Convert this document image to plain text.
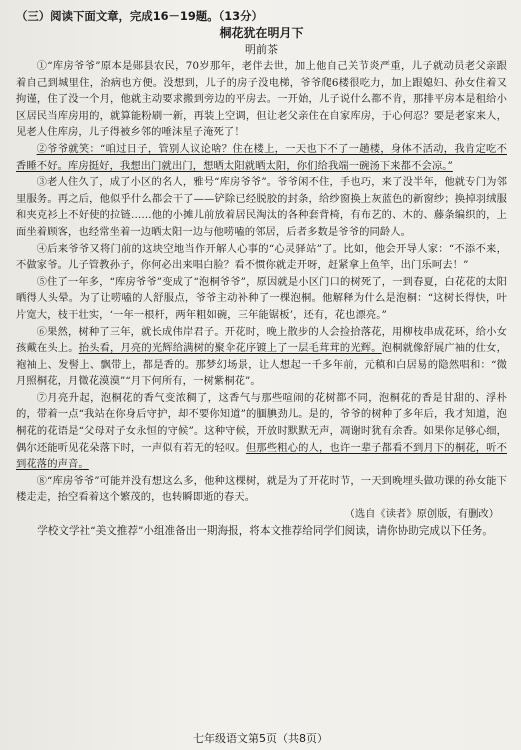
（三）阅读下面文章，完成16－19题。（13分）
桐花犹在明月下
明前茶

①“库房爷爷”原本是郧县农民，70岁那年，老伴去世，加上他自己关节炎严重，儿子就动员老父亲跟着自己到城里住，治病也方便。没想到，儿子的房子没电梯，爷爷爬6楼很吃力，加上跟媳妇、孙女住着又拘谨，住了没一个月，他就主动要求搬到旁边的平房去。一开始，儿子说什么都不肯，那排平房本是租给小区居民当库房用的，就算能粉刷一新，再装上空调，但让老父亲住在自家库房，于心何忍？要是老家来人，见老人住库房，儿子得被乡邻的唾沫星子淹死了！

②爷爷就笑：“咱过日子，管别人议论啥？住在楼上，一天也下不了一趟楼，身体不活动，我肯定吃不香睡不好。库房挺好，我想出门就出门，想晒太阳就晒太阳，你们给我端一碗汤下来都不会凉。”

③老人住久了，成了小区的名人，雅号“库房爷爷”。爷爷闲不住，手也巧，来了没半年，他就专门为邻里服务。再之后，他似乎什么都会干了——铲除已经脱胶的封条，给纱窗换上灰蓝色的新窗纱；换掉羽绒服和夹克衫上不好使的拉链……他的小摊儿前放着居民淘汰的各种套背椅，有布艺的、木的、藤条编织的，上面坐着顾客，也经常坐着一边晒太阳一边与他唠嗑的邻居，后者多数是爷爷的同龄人。

④后来爷爷又将门前的这块空地当作开解人心事的“心灵驿站”了。比如，他会开导人家：“不添不来，不做家爷。儿子管教孙子，你何必出来唱白脸？看不惯你就走开呀，赶紧拿上鱼竿，出门乐呵去！”

⑤住了一年多，“库房爷爷”变成了“泡桐爷爷”，原因就是小区门口的树死了，一到春夏，白花花的太阳晒得人头晕。为了让唠嗑的人舒服点，爷爷主动补种了一棵泡桐。他解释为什么是泡桐：“这树长得快，叶片宽大，枝干壮实，‘一年一根杆，两年粗如碗，三年能锯板’，还有，花也漂亮。”

⑥果然，树种了三年，就长成伟岸君子。开花时，晚上散步的人会捡拾落花，用柳枝串成花环，给小女孩戴在头上。抬头看，月亮的光辉给满树的聚伞花序镀上了一层毛茸茸的光辉。泡桐就像舒展广袖的仕女，袍袖上、发髻上、飘带上，都是香的。那梦幻场景，让人想起一千多年前，元稹和白居易的隐然唱和：“微月照桐花，月微花漠漠”“月下何所有，一树紫桐花”。

⑦月亮升起，泡桐花的香气变浓稠了，这香气与那些喧闹的花树都不同，泡桐花的香是甘甜的、浮朴的，带着一点“我站在你身后守护，却不要你知道”的腼腆劲儿。是的，爷爷的树种了多年后，我才知道，泡桐花的花语是“父母对子女永恒的守候”。这种守候，开放时默默无声，凋谢时犹有余香。如果你足够心细，偶尔还能听见花朵落下时，一声似有若无的轻叹。但那些粗心的人，也许一辈子都看不到月下的桐花，听不到花落的声音。

⑧“库房爷爷”可能并没有想这么多，他种这棵树，就是为了开花时节，一天到晚埋头做功课的孙女能下楼走走，抬空看着这个繁茂的，也转瞬即逝的春天。

（选自《读者》原创版，有删改）

学校文学社“美文推荐”小组准备出一期海报，将本文推荐给同学们阅读，请你协助完成以下任务。

七年级语文第5页（共8页）
